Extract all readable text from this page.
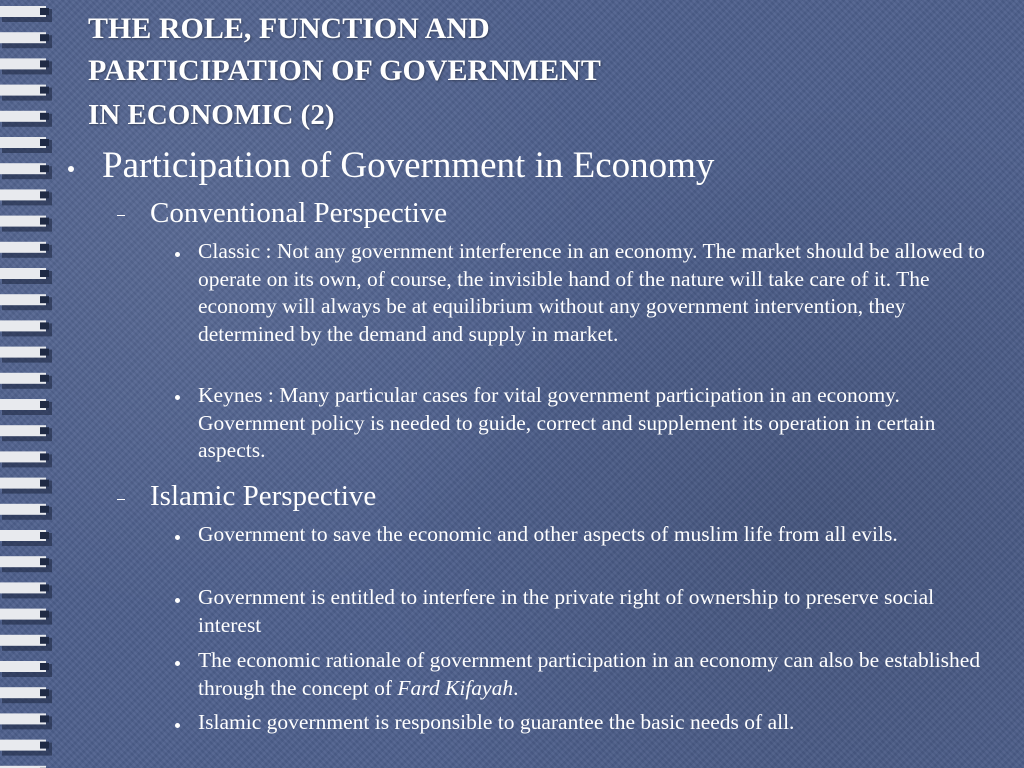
THE ROLE, FUNCTION AND
PARTICIPATION OF GOVERNMENT
IN ECONOMIC (2)
Participation of Government in Economy
Conventional Perspective
Classic : Not any government interference in an economy. The market should be allowed to operate on its own, of course, the invisible hand of the nature will take care of it. The economy will always be at equilibrium without any government intervention, they determined by the demand and supply in market.
Keynes : Many particular cases for vital government participation in an economy. Government policy is needed to guide, correct and supplement its operation in certain aspects.
Islamic Perspective
Government to save the economic and other aspects of muslim life from all evils.
Government is entitled to interfere in the private right of ownership to preserve social interest
The economic rationale of government participation in an economy can also be established through the concept of Fard Kifayah.
Islamic government is responsible to guarantee the basic needs of all.
